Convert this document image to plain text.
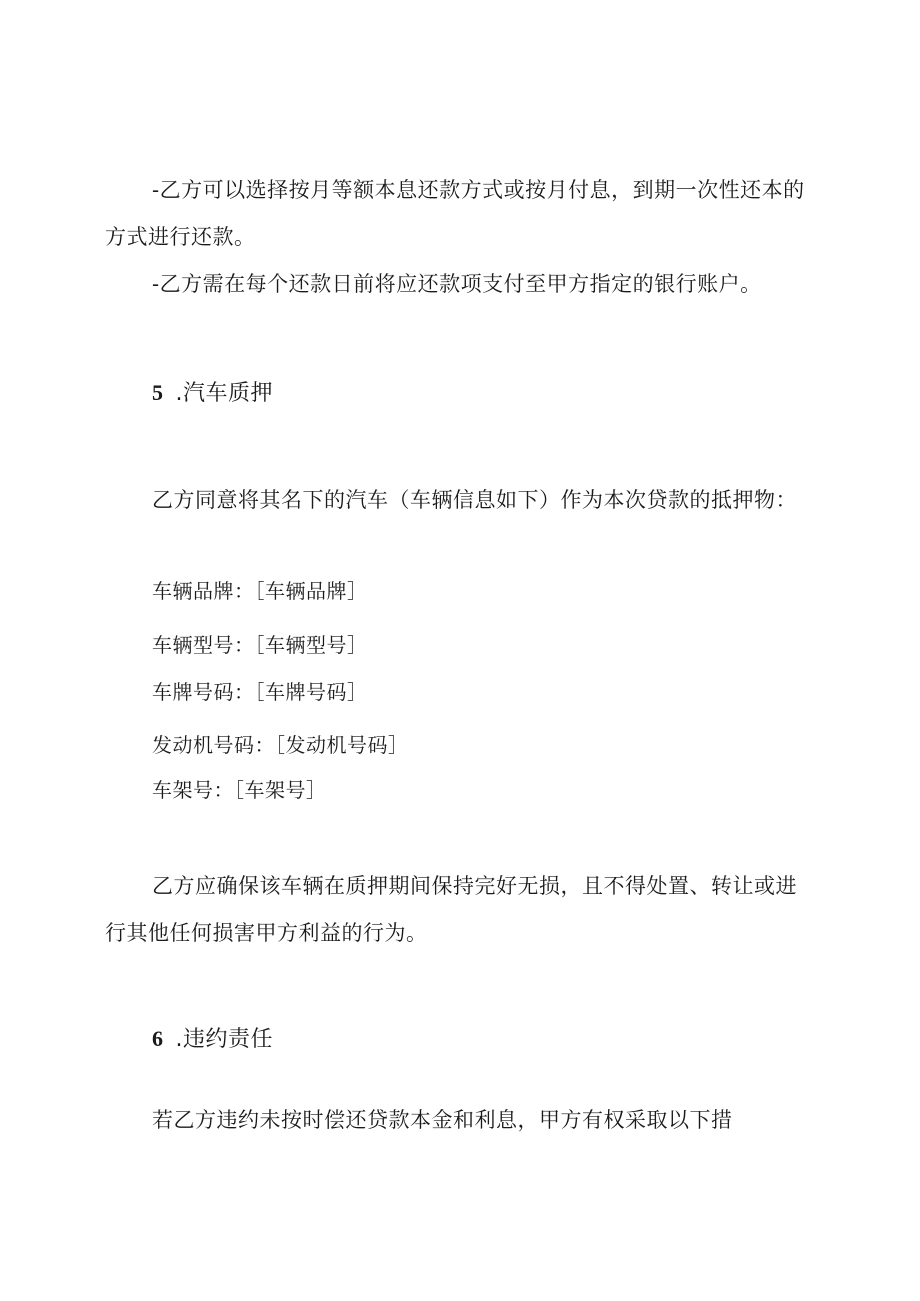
-乙方可以选择按月等额本息还款方式或按月付息，到期一次性还本的
方式进行还款。
-乙方需在每个还款日前将应还款项支付至甲方指定的银行账户。
5 .汽车质押
乙方同意将其名下的汽车（车辆信息如下）作为本次贷款的抵押物：
车辆品牌：［车辆品牌］
车辆型号：［车辆型号］
车牌号码：［车牌号码］
发动机号码：［发动机号码］
车架号：［车架号］
乙方应确保该车辆在质押期间保持完好无损，且不得处置、转让或进
行其他任何损害甲方利益的行为。
6 .违约责任
若乙方违约未按时偿还贷款本金和利息，甲方有权采取以下措
